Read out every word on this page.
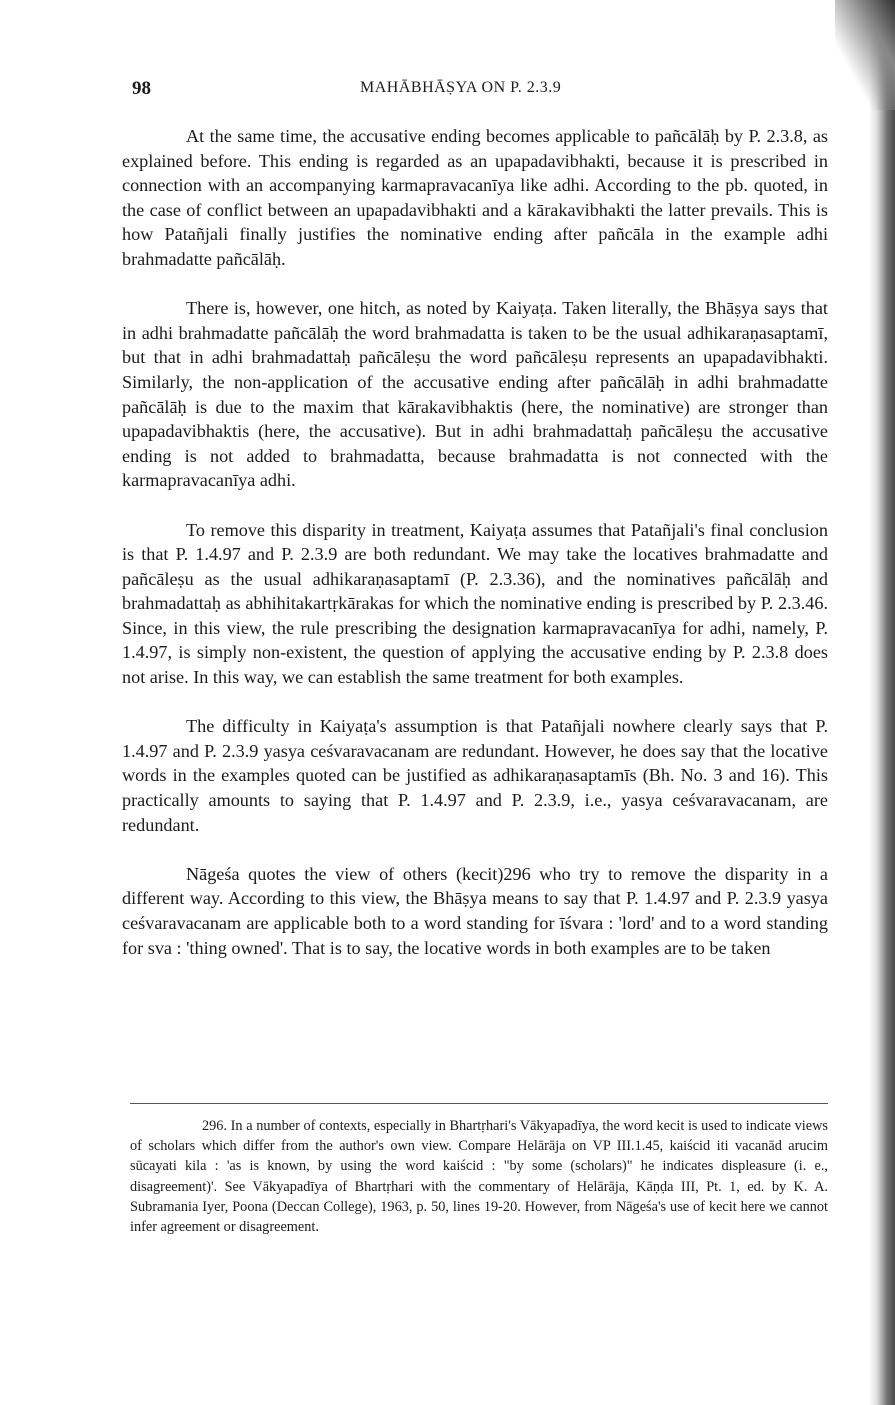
98	MAHĀBHĀṢYA ON P. 2.3.9

At the same time, the accusative ending becomes applicable to pañcālāḥ by P. 2.3.8, as explained before. This ending is regarded as an upapadavibhakti, because it is prescribed in connection with an accompanying karmapravacanīya like adhi. According to the pb. quoted, in the case of conflict between an upapadavibhakti and a kārakavibhakti the latter prevails. This is how Patañjali finally justifies the nominative ending after pañcāla in the example adhi brahmadatte pañcālāḥ.

There is, however, one hitch, as noted by Kaiyaṭa. Taken literally, the Bhāṣya says that in adhi brahmadatte pañcālāḥ the word brahmadatta is taken to be the usual adhikaraṇasaptamī, but that in adhi brahmadattaḥ pañcāleṣu the word pañcāleṣu represents an upapadavibhakti. Similarly, the non-application of the accusative ending after pañcālāḥ in adhi brahmadatte pañcālāḥ is due to the maxim that kārakavibhaktis (here, the nominative) are stronger than upapadavibhaktis (here, the accusative). But in adhi brahmadattaḥ pañcāleṣu the accusative ending is not added to brahmadatta, because brahmadatta is not connected with the karmapravacanīya adhi.

To remove this disparity in treatment, Kaiyaṭa assumes that Patañjali's final conclusion is that P. 1.4.97 and P. 2.3.9 are both redundant. We may take the locatives brahmadatte and pañcāleṣu as the usual adhikaraṇasaptamī (P. 2.3.36), and the nominatives pañcālāḥ and brahmadattaḥ as abhihitakartṛkārakas for which the nominative ending is prescribed by P. 2.3.46. Since, in this view, the rule prescribing the designation karmapravacanīya for adhi, namely, P. 1.4.97, is simply non-existent, the question of applying the accusative ending by P. 2.3.8 does not arise. In this way, we can establish the same treatment for both examples.

The difficulty in Kaiyaṭa's assumption is that Patañjali nowhere clearly says that P. 1.4.97 and P. 2.3.9 yasya ceśvaravacanam are redundant. However, he does say that the locative words in the examples quoted can be justified as adhikaraṇasaptamīs (Bh. No. 3 and 16). This practically amounts to saying that P. 1.4.97 and P. 2.3.9, i.e., yasya ceśvaravacanam, are redundant.

Nāgeśa quotes the view of others (kecit)296 who try to remove the disparity in a different way. According to this view, the Bhāṣya means to say that P. 1.4.97 and P. 2.3.9 yasya ceśvaravacanam are applicable both to a word standing for īśvara : 'lord' and to a word standing for sva : 'thing owned'. That is to say, the locative words in both examples are to be taken

296. In a number of contexts, especially in Bhartṛhari's Vākyapadīya, the word kecit is used to indicate views of scholars which differ from the author's own view. Compare Helārāja on VP III.1.45, kaiścid iti vacanād arucim sūcayati kila : 'as is known, by using the word kaiścid : "by some (scholars)" he indicates displeasure (i. e., disagreement)'. See Vākyapadīya of Bhartṛhari with the commentary of Helārāja, Kāṇḍa III, Pt. 1, ed. by K. A. Subramania Iyer, Poona (Deccan College), 1963, p. 50, lines 19-20. However, from Nāgeśa's use of kecit here we cannot infer agreement or disagreement.
